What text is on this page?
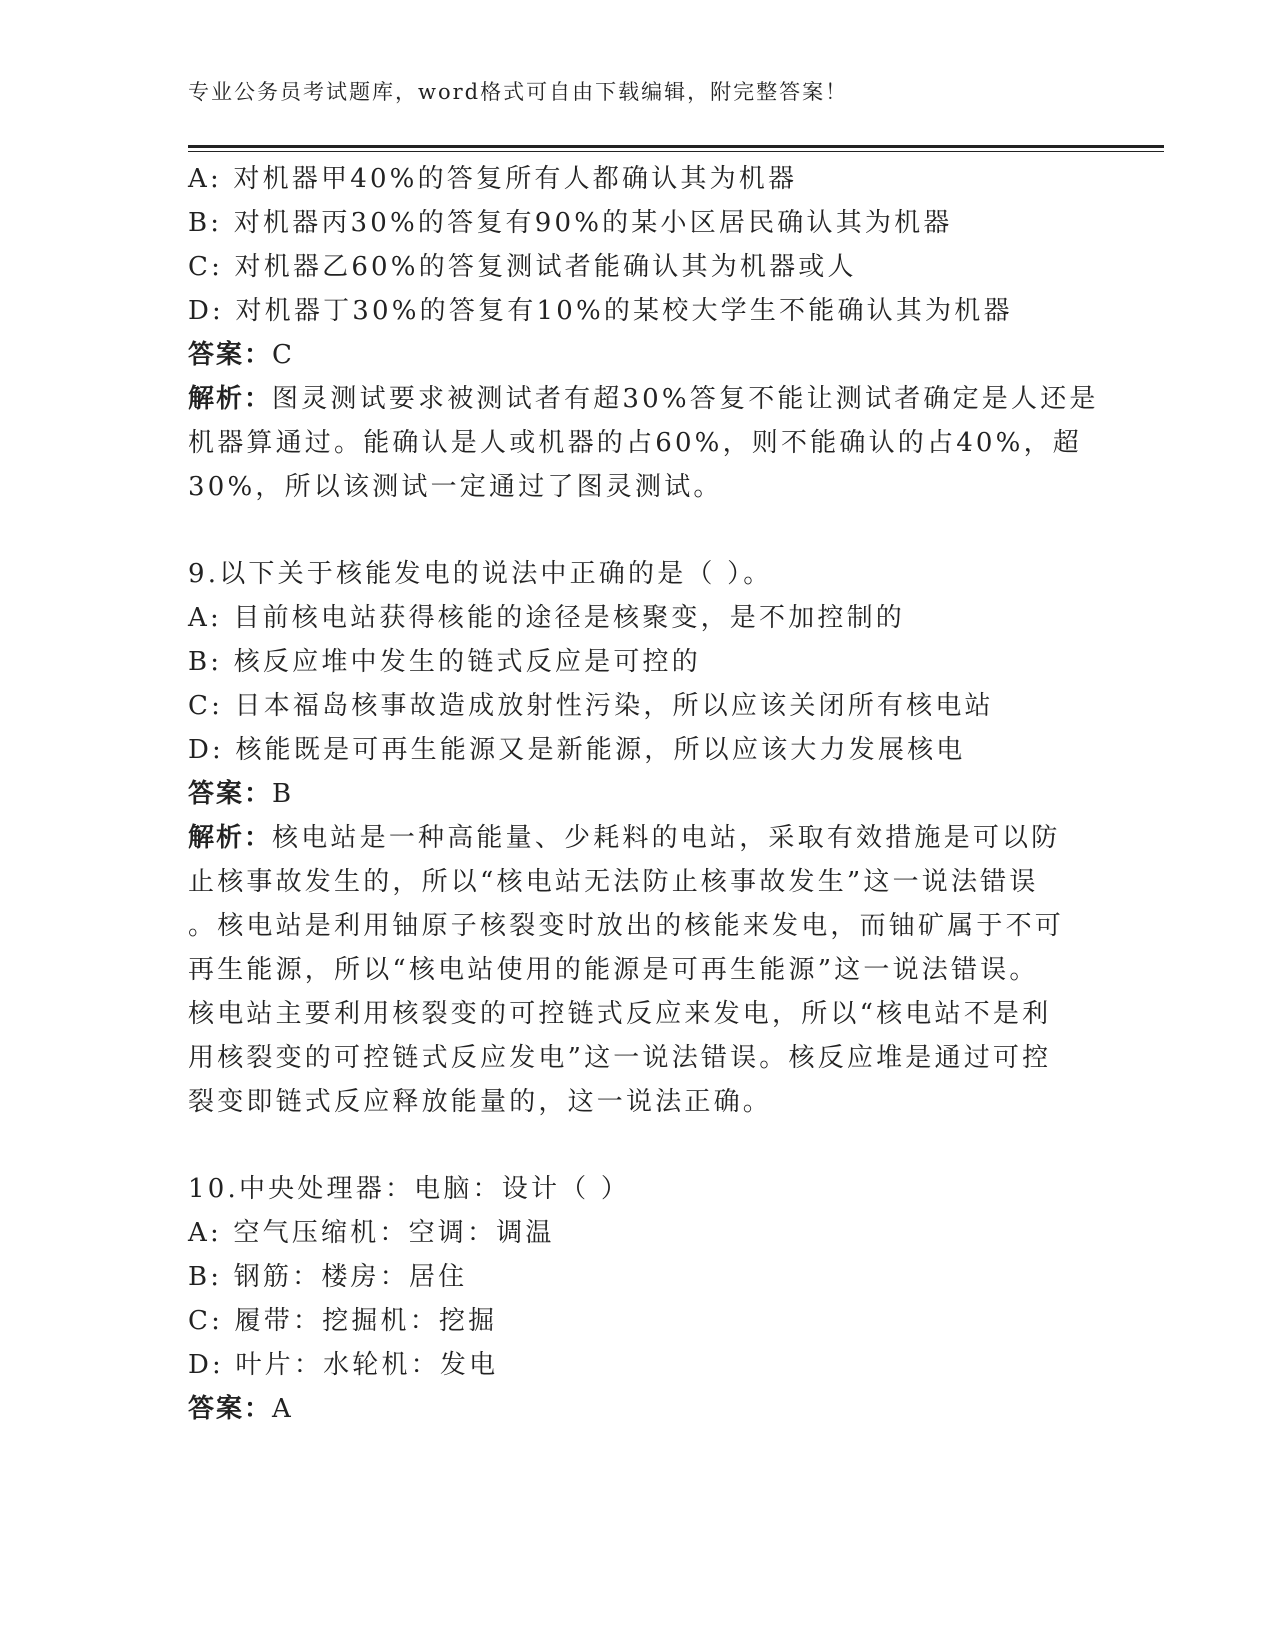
专业公务员考试题库，word格式可自由下载编辑，附完整答案！
A: 对机器甲40%的答复所有人都确认其为机器
B: 对机器丙30%的答复有90%的某小区居民确认其为机器
C: 对机器乙60%的答复测试者能确认其为机器或人
D: 对机器丁30%的答复有10%的某校大学生不能确认其为机器
答案：C
解析：图灵测试要求被测试者有超30%答复不能让测试者确定是人还是
机器算通过。能确认是人或机器的占60%，则不能确认的占40%，超
30%，所以该测试一定通过了图灵测试。
9.以下关于核能发电的说法中正确的是（ ）。
A: 目前核电站获得核能的途径是核聚变，是不加控制的
B: 核反应堆中发生的链式反应是可控的
C: 日本福岛核事故造成放射性污染，所以应该关闭所有核电站
D: 核能既是可再生能源又是新能源，所以应该大力发展核电
答案：B
解析：核电站是一种高能量、少耗料的电站，采取有效措施是可以防
止核事故发生的，所以“核电站无法防止核事故发生”这一说法错误
。核电站是利用铀原子核裂变时放出的核能来发电，而铀矿属于不可
再生能源，所以“核电站使用的能源是可再生能源”这一说法错误。
核电站主要利用核裂变的可控链式反应来发电，所以“核电站不是利
用核裂变的可控链式反应发电”这一说法错误。核反应堆是通过可控
裂变即链式反应释放能量的，这一说法正确。
10.中央处理器：电脑：设计（ ）
A: 空气压缩机：空调：调温
B: 钢筋：楼房：居住
C: 履带：挖掘机：挖掘
D: 叶片：水轮机：发电
答案：A
